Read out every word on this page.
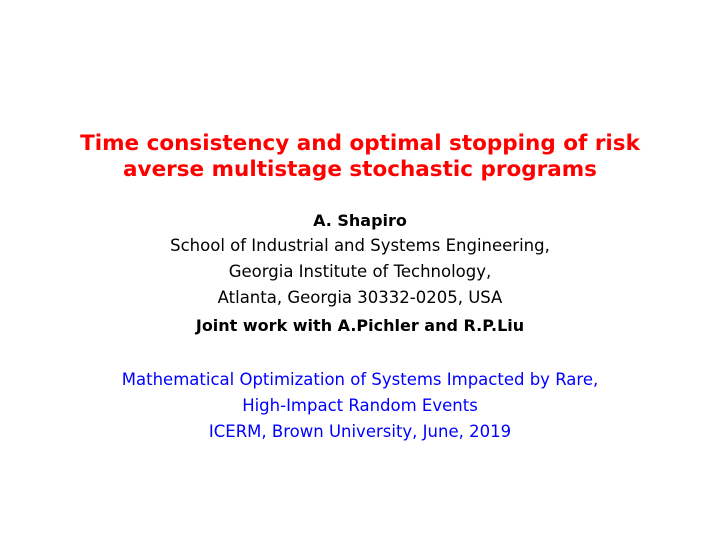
Time consistency and optimal stopping of risk
averse multistage stochastic programs
A. Shapiro
School of Industrial and Systems Engineering,
Georgia Institute of Technology,
Atlanta, Georgia 30332-0205, USA
Joint work with A.Pichler and R.P.Liu
Mathematical Optimization of Systems Impacted by Rare,
High-Impact Random Events
ICERM, Brown University, June, 2019
